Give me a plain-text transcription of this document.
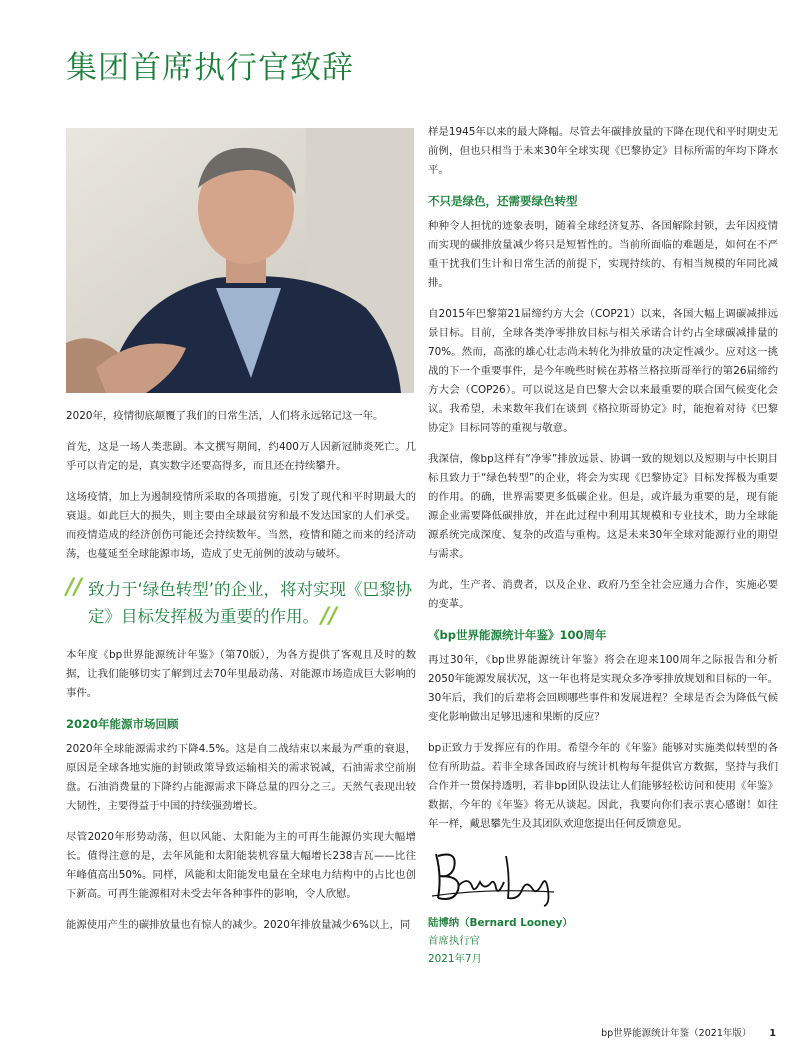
集团首席执行官致辞

2020年，疫情彻底颠覆了我们的日常生活，人们将永远铭记这一年。

首先，这是一场人类悲剧。本文撰写期间，约400万人因新冠肺炎死亡。几乎可以肯定的是，真实数字还要高得多，而且还在持续攀升。

这场疫情，加上为遏制疫情所采取的各项措施，引发了现代和平时期最大的衰退。如此巨大的损失，则主要由全球最贫穷和最不发达国家的人们承受。而疫情造成的经济创伤可能还会持续数年。当然，疫情和随之而来的经济动荡，也蔓延至全球能源市场，造成了史无前例的波动与破坏。

// 致力于‘绿色转型’的企业，将对实现《巴黎协定》目标发挥极为重要的作用。 //

本年度《bp世界能源统计年鉴》（第70版），为各方提供了客观且及时的数据，让我们能够切实了解到过去70年里最动荡、对能源市场造成巨大影响的事件。

2020年能源市场回顾

2020年全球能源需求约下降4.5%。这是自二战结束以来最为严重的衰退，原因是全球各地实施的封锁政策导致运输相关的需求锐减，石油需求空前崩盘。石油消费量的下降约占能源需求下降总量的四分之三。天然气表现出较大韧性，主要得益于中国的持续强劲增长。

尽管2020年形势动荡，但以风能、太阳能为主的可再生能源仍实现大幅增长。值得注意的是，去年风能和太阳能装机容量大幅增长238吉瓦——比往年峰值高出50%。同样，风能和太阳能发电量在全球电力结构中的占比也创下新高。可再生能源相对未受去年各种事件的影响，令人欣慰。

能源使用产生的碳排放量也有惊人的减少。2020年排放量减少6%以上，同

样是1945年以来的最大降幅。尽管去年碳排放量的下降在现代和平时期史无前例，但也只相当于未来30年全球实现《巴黎协定》目标所需的年均下降水平。

不只是绿色，还需要绿色转型

种种令人担忧的迹象表明，随着全球经济复苏、各国解除封锁，去年因疫情而实现的碳排放量减少将只是短暂性的。当前所面临的难题是，如何在不严重干扰我们生计和日常生活的前提下，实现持续的、有相当规模的年同比减排。

自2015年巴黎第21届缔约方大会（COP21）以来，各国大幅上调碳减排远景目标。目前，全球各类净零排放目标与相关承诺合计约占全球碳减排量的70%。然而，高涨的雄心壮志尚未转化为排放量的决定性减少。应对这一挑战的下一个重要事件，是今年晚些时候在苏格兰格拉斯哥举行的第26届缔约方大会（COP26）。可以说这是自巴黎大会以来最重要的联合国气候变化会议。我希望，未来数年我们在谈到《格拉斯哥协定》时，能抱着对待《巴黎协定》目标同等的重视与敬意。

我深信，像bp这样有“净零”排放远景、协调一致的规划以及短期与中长期目标且致力于“绿色转型”的企业，将会为实现《巴黎协定》目标发挥极为重要的作用。的确，世界需要更多低碳企业。但是，或许最为重要的是，现有能源企业需要降低碳排放，并在此过程中利用其规模和专业技术，助力全球能源系统完成深度、复杂的改造与重构。这是未来30年全球对能源行业的期望与需求。

为此，生产者、消费者，以及企业、政府乃至全社会应通力合作，实施必要的变革。

《bp世界能源统计年鉴》100周年

再过30年，《bp世界能源统计年鉴》将会在迎来100周年之际报告和分析2050年能源发展状况，这一年也将是实现众多净零排放规划和目标的一年。30年后，我们的后辈将会回顾哪些事件和发展进程？全球是否会为降低气候变化影响做出足够迅速和果断的反应？

bp正致力于发挥应有的作用。希望今年的《年鉴》能够对实施类似转型的各位有所助益。若非全球各国政府与统计机构每年提供官方数据，坚持与我们合作并一贯保持透明，若非bp团队设法让人们能够轻松访问和使用《年鉴》数据，今年的《年鉴》将无从谈起。因此，我要向你们表示衷心感谢！如往年一样，戴思攀先生及其团队欢迎您提出任何反馈意见。

陆博纳（Bernard Looney）
首席执行官
2021年7月
bp世界能源统计年鉴（2021年版） 1
